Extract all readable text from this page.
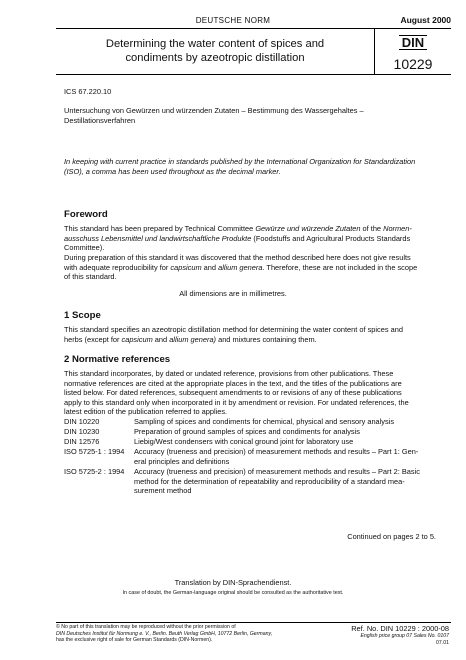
DEUTSCHE NORM	August 2000
Determining the water content of spices and
condiments by azeotropic distillation
DIN
10229
ICS 67.220.10
Untersuchung von Gewürzen und würzenden Zutaten – Bestimmung des Wassergehaltes –
Destillationsverfahren
In keeping with current practice in standards published by the International Organization for Standardization
(ISO), a comma has been used throughout as the decimal marker.
Foreword
This standard has been prepared by Technical Committee Gewürze und würzende Zutaten of the Normen-
ausschuss Lebensmittel und landwirtschaftliche Produkte (Foodstuffs and Agricultural Products Standards
Committee).
During preparation of this standard it was discovered that the method described here does not give results
with adequate reproducibility for capsicum and allium genera. Therefore, these are not included in the scope
of this standard.
All dimensions are in millimetres.
1 Scope
This standard specifies an azeotropic distillation method for determining the water content of spices and
herbs (except for capsicum and allium genera) and mixtures containing them.
2 Normative references
This standard incorporates, by dated or undated reference, provisions from other publications. These
normative references are cited at the appropriate places in the text, and the titles of the publications are
listed below. For dated references, subsequent amendments to or revisions of any of these publications
apply to this standard only when incorporated in it by amendment or revision. For undated references, the
latest edition of the publication referred to applies.
DIN 10220	Sampling of spices and condiments for chemical, physical and sensory analysis
DIN 10230	Preparation of ground samples of spices and condiments for analysis
DIN 12576	Liebig/West condensers with conical ground joint for laboratory use
ISO 5725-1 : 1994	Accuracy (trueness and precision) of measurement methods and results – Part 1: Gen-
eral principles and definitions
ISO 5725-2 : 1994	Accuracy (trueness and precision) of measurement methods and results – Part 2: Basic
method for the determination of repeatability and reproducibility of a standard mea-
surement method
Continued on pages 2 to 5.
Translation by DIN-Sprachendienst.
In case of doubt, the German-language original should be consulted as the authoritative text.
© No part of this translation may be reproduced without the prior permission of
DIN Deutsches Institut für Normung e. V., Berlin. Beuth Verlag GmbH, 10772 Berlin, Germany,
has the exclusive right of sale for German Standards (DIN-Normen).
Ref. No. DIN 10229 : 2000-08
English price group 07 Sales No. 0107
07.01
